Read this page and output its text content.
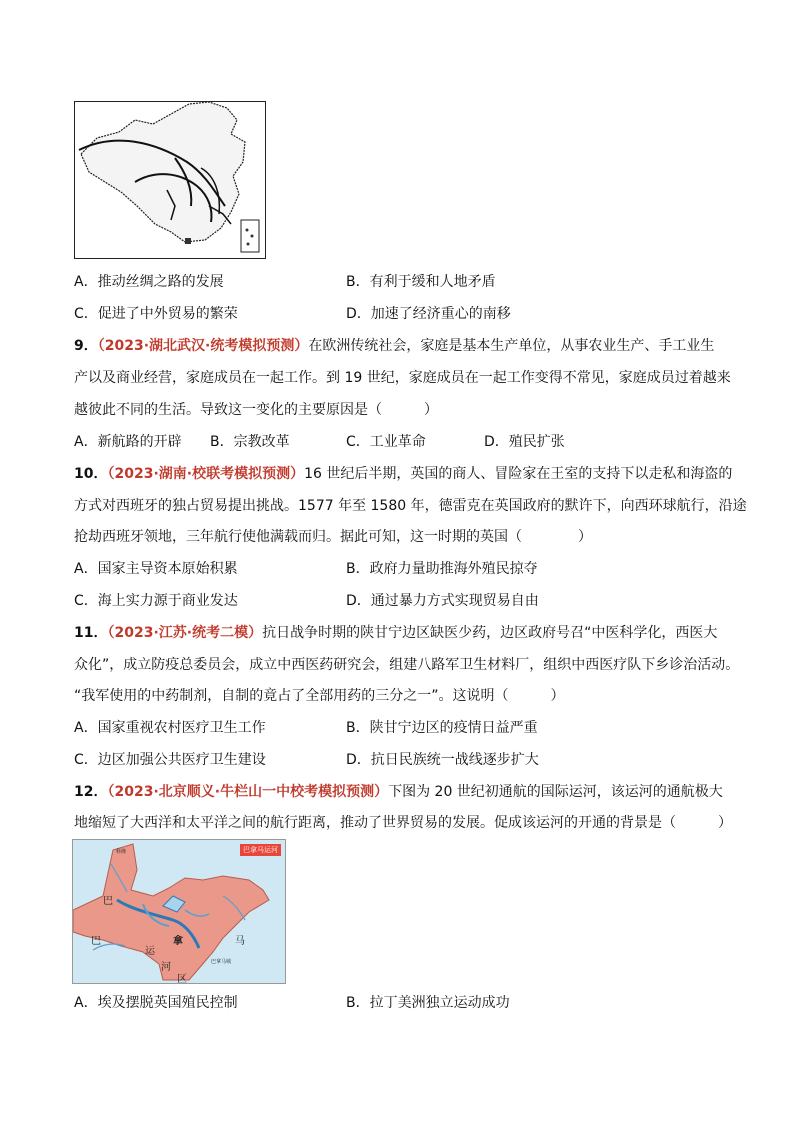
A．推动丝绸之路的发展	B．有利于缓和人地矛盾
C．促进了中外贸易的繁荣	D．加速了经济重心的南移
9．（2023·湖北武汉·统考模拟预测）在欧洲传统社会，家庭是基本生产单位，从事农业生产、手工业生
产以及商业经营，家庭成员在一起工作。到 19 世纪，家庭成员在一起工作变得不常见，家庭成员过着越来
越彼此不同的生活。导致这一变化的主要原因是（　　　）
A．新航路的开辟 B．宗教改革	C．工业革命	D．殖民扩张
10．（2023·湖南·校联考模拟预测）16 世纪后半期，英国的商人、冒险家在王室的支持下以走私和海盗的
方式对西班牙的独占贸易提出挑战。1577 年至 1580 年，德雷克在英国政府的默许下，向西环球航行，沿途
抢劫西班牙领地，三年航行使他满载而归。据此可知，这一时期的英国（　　　　）
A．国家主导资本原始积累	B．政府力量助推海外殖民掠夺
C．海上实力源于商业发达	D．通过暴力方式实现贸易自由
11．（2023·江苏·统考二模）抗日战争时期的陕甘宁边区缺医少药，边区政府号召“中医科学化，西医大
众化”，成立防疫总委员会，成立中西医药研究会，组建八路军卫生材料厂，组织中西医疗队下乡诊治活动。
“我军使用的中药制剂，自制的竟占了全部用药的三分之一”。这说明（　　　）
A．国家重视农村医疗卫生工作	B．陕甘宁边区的疫情日益严重
C．边区加强公共医疗卫生建设	D．抗日民族统一战线逐步扩大
12．（2023·北京顺义·牛栏山一中校考模拟预测）下图为 20 世纪初通航的国际运河，该运河的通航极大
地缩短了大西洋和太平洋之间的航行距离，推动了世界贸易的发展。促成该运河的开通的背景是（　　　）
巴拿马运河
科隆
巴
巴	拿	马
运
河
区
巴拿马城
A．埃及摆脱英国殖民控制	B．拉丁美洲独立运动成功
